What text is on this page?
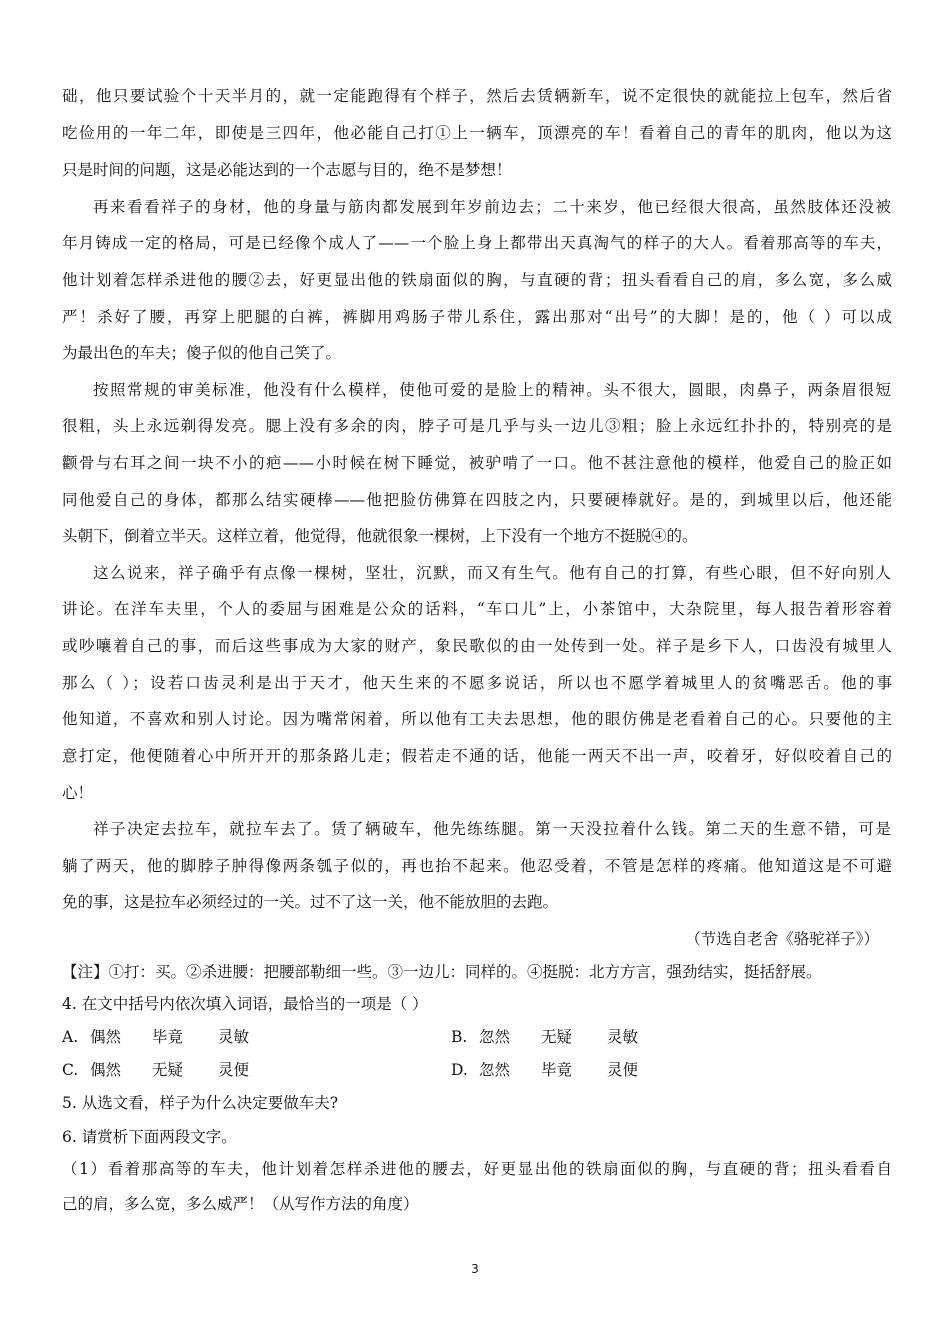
础，他只要试验个十天半月的，就一定能跑得有个样子，然后去赁辆新车，说不定很快的就能拉上包车，然后省
吃俭用的一年二年，即使是三四年，他必能自己打①上一辆车，顶漂亮的车！看着自己的青年的肌肉，他以为这
只是时间的问题，这是必能达到的一个志愿与目的，绝不是梦想！
再来看看祥子的身材，他的身量与筋肉都发展到年岁前边去；二十来岁，他已经很大很高，虽然肢体还没被
年月铸成一定的格局，可是已经像个成人了——一个脸上身上都带出天真淘气的样子的大人。看着那高等的车夫，
他计划着怎样杀进他的腰②去，好更显出他的铁扇面似的胸，与直硬的背；扭头看看自己的肩，多么宽，多么威
严！杀好了腰，再穿上肥腿的白裤，裤脚用鸡肠子带儿系住，露出那对“出号”的大脚！是的，他（ ）可以成
为最出色的车夫；傻子似的他自己笑了。
按照常规的审美标准，他没有什么模样，使他可爱的是脸上的精神。头不很大，圆眼，肉鼻子，两条眉很短
很粗，头上永远剃得发亮。腮上没有多余的肉，脖子可是几乎与头一边儿③粗；脸上永远红扑扑的，特别亮的是
颧骨与右耳之间一块不小的疤——小时候在树下睡觉，被驴啃了一口。他不甚注意他的模样，他爱自己的脸正如
同他爱自己的身体，都那么结实硬棒——他把脸仿佛算在四肢之内，只要硬棒就好。是的，到城里以后，他还能
头朝下，倒着立半天。这样立着，他觉得，他就很象一棵树，上下没有一个地方不挺脱④的。
这么说来，祥子确乎有点像一棵树，坚壮，沉默，而又有生气。他有自己的打算，有些心眼，但不好向别人
讲论。在洋车夫里，个人的委屈与困难是公众的话料，“车口儿”上，小茶馆中，大杂院里，每人报告着形容着
或吵嚷着自己的事，而后这些事成为大家的财产，象民歌似的由一处传到一处。祥子是乡下人，口齿没有城里人
那么（ ）；设若口齿灵利是出于天才，他天生来的不愿多说话，所以也不愿学着城里人的贫嘴恶舌。他的事
他知道，不喜欢和别人讨论。因为嘴常闲着，所以他有工夫去思想，他的眼仿佛是老看着自己的心。只要他的主
意打定，他便随着心中所开开的那条路儿走；假若走不通的话，他能一两天不出一声，咬着牙，好似咬着自己的
心！
祥子决定去拉车，就拉车去了。赁了辆破车，他先练练腿。第一天没拉着什么钱。第二天的生意不错，可是
躺了两天，他的脚脖子肿得像两条瓠子似的，再也抬不起来。他忍受着，不管是怎样的疼痛。他知道这是不可避
免的事，这是拉车必须经过的一关。过不了这一关，他不能放胆的去跑。
（节选自老舍《骆驼祥子》）
【注】①打：买。②杀进腰：把腰部勒细一些。③一边儿：同样的。④挺脱：北方方言，强劲结实，挺括舒展。
4. 在文中括号内依次填入词语，最恰当的一项是（ ）
A. 偶然 毕竟 灵敏	B. 忽然 无疑 灵敏
C. 偶然 无疑 灵便	D. 忽然 毕竟 灵便
5. 从选文看，样子为什么决定要做车夫?
6. 请赏析下面两段文字。
（1）看着那高等的车夫，他计划着怎样杀进他的腰去，好更显出他的铁扇面似的胸，与直硬的背；扭头看看自
己的肩，多么宽，多么威严！（从写作方法的角度）
3
